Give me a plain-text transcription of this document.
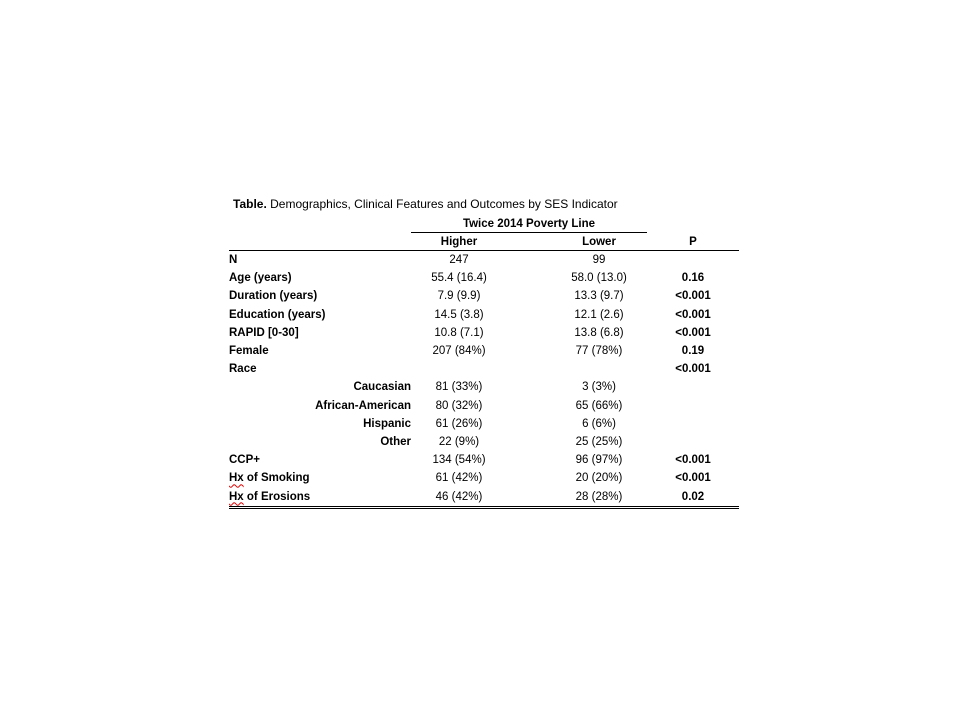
Table. Demographics, Clinical Features and Outcomes by SES Indicator
Twice 2014 Poverty Line
	Higher		Lower	P
N	247		99	
Age (years)	55.4 (16.4)		58.0 (13.0)	0.16
Duration (years)	7.9 (9.9)		13.3 (9.7)	<0.001
Education (years)	14.5 (3.8)		12.1 (2.6)	<0.001
RAPID [0-30]	10.8 (7.1)		13.8 (6.8)	<0.001
Female	207 (84%)		77 (78%)	0.19
Race				<0.001
Caucasian	81 (33%)		3 (3%)	
African-American	80 (32%)		65 (66%)	
Hispanic	61 (26%)		6 (6%)	
Other	22 (9%)		25 (25%)	
CCP+	134 (54%)		96 (97%)	<0.001
Hx of Smoking	61 (42%)		20 (20%)	<0.001
Hx of Erosions	46 (42%)		28 (28%)	0.02
